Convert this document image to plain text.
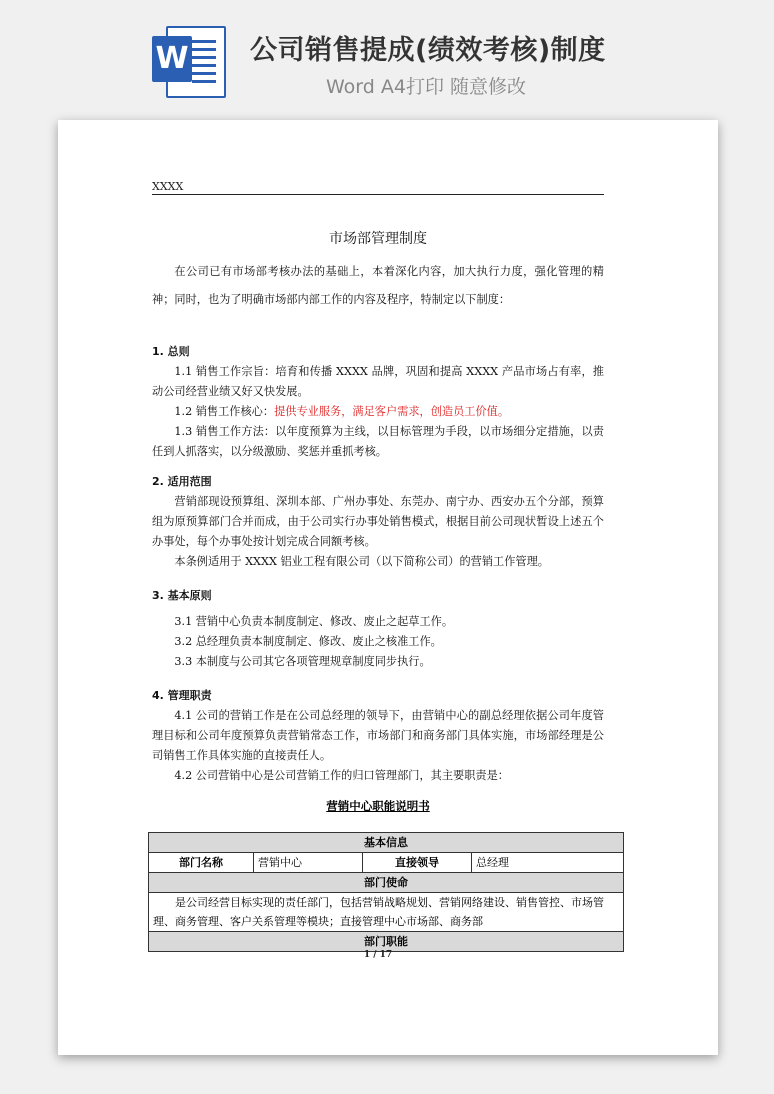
W 公司销售提成(绩效考核)制度
Word A4打印 随意修改
XXXX
市场部管理制度

在公司已有市场部考核办法的基础上，本着深化内容，加大执行力度，强化管理的精神；同时，也为了明确市场部内部工作的内容及程序，特制定以下制度：

1. 总则

1.1 销售工作宗旨：培育和传播 XXXX 品牌，巩固和提高 XXXX 产品市场占有率，推动公司经营业绩又好又快发展。

1.2 销售工作核心：提供专业服务，满足客户需求，创造员工价值。

1.3 销售工作方法：以年度预算为主线，以目标管理为手段，以市场细分定措施，以责任到人抓落实，以分级激励、奖惩并重抓考核。

2. 适用范围

营销部现设预算组、深圳本部、广州办事处、东莞办、南宁办、西安办五个分部，预算组为原预算部门合并而成，由于公司实行办事处销售模式，根据目前公司现状暂设上述五个办事处，每个办事处按计划完成合同额考核。

本条例适用于 XXXX 铝业工程有限公司（以下简称公司）的营销工作管理。

3. 基本原则

3.1 营销中心负责本制度制定、修改、废止之起草工作。

3.2 总经理负责本制度制定、修改、废止之核准工作。

3.3 本制度与公司其它各项管理规章制度同步执行。

4. 管理职责

4.1 公司的营销工作是在公司总经理的领导下，由营销中心的副总经理依据公司年度管理目标和公司年度预算负责营销常态工作，市场部门和商务部门具体实施，市场部经理是公司销售工作具体实施的直接责任人。

4.2 公司营销中心是公司营销工作的归口管理部门，其主要职责是：

营销中心职能说明书
基本信息
部门名称	营销中心	直接领导	总经理
部门使命
是公司经营目标实现的责任部门，包括营销战略规划、营销网络建设、销售管控、市场管理、商务管理、客户关系管理等模块；直接管理中心市场部、商务部
部门职能
1 / 17
